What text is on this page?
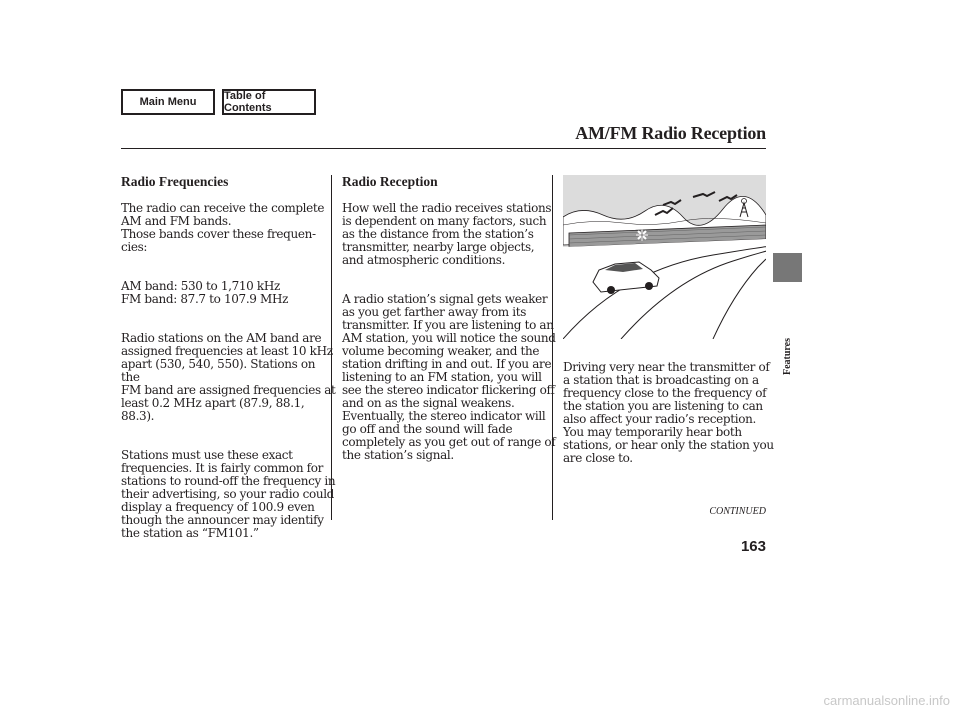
Main Menu	Table of Contents
AM/FM Radio Reception
Radio Frequencies

The radio can receive the complete
AM and FM bands.
Those bands cover these frequen-
cies:

AM band: 530 to 1,710 kHz
FM band: 87.7 to 107.9 MHz

Radio stations on the AM band are
assigned frequencies at least 10 kHz
apart (530, 540, 550). Stations on the
FM band are assigned frequencies at
least 0.2 MHz apart (87.9, 88.1, 88.3).

Stations must use these exact
frequencies. It is fairly common for
stations to round-off the frequency in
their advertising, so your radio could
display a frequency of 100.9 even
though the announcer may identify
the station as “FM101.”

Radio Reception

How well the radio receives stations
is dependent on many factors, such
as the distance from the station’s
transmitter, nearby large objects,
and atmospheric conditions.

A radio station’s signal gets weaker
as you get farther away from its
transmitter. If you are listening to an
AM station, you will notice the sound
volume becoming weaker, and the
station drifting in and out. If you are
listening to an FM station, you will
see the stereo indicator flickering off
and on as the signal weakens.
Eventually, the stereo indicator will
go off and the sound will fade
completely as you get out of range of
the station’s signal.

Driving very near the transmitter of
a station that is broadcasting on a
frequency close to the frequency of
the station you are listening to can
also affect your radio’s reception.
You may temporarily hear both
stations, or hear only the station you
are close to.

CONTINUED
163
Features
carmanualsonline.info
